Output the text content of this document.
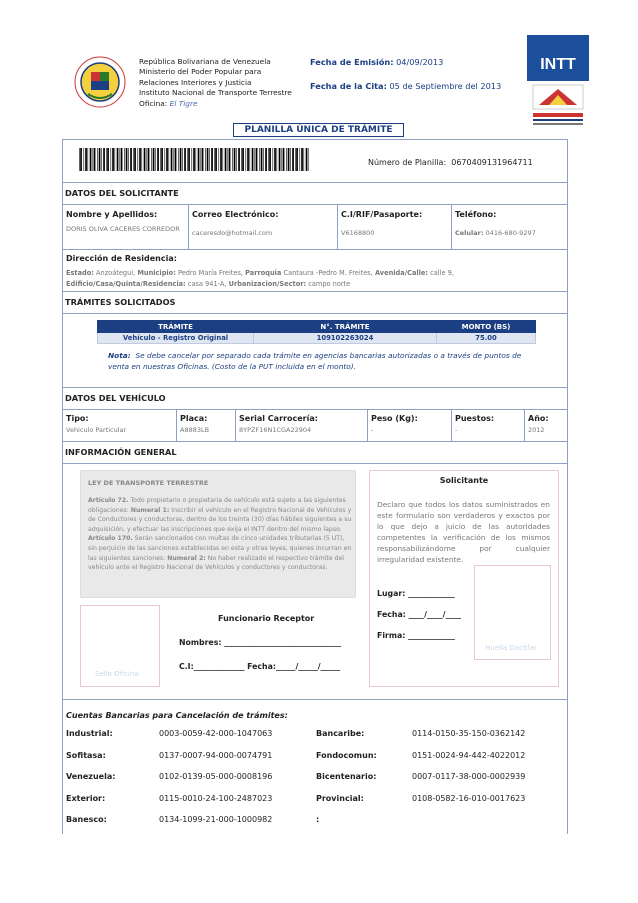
República Bolivariana de Venezuela
Ministerio del Poder Popular para
Relaciones Interiores y Justicia
Instituto Nacional de Transporte Terrestre
Oficina: El Tigre
Fecha de Emisión: 04/09/2013
Fecha de la Cita: 05 de Septiembre del 2013
INTT
PLANILLA ÚNICA DE TRÁMITE
Número de Planilla: 0670409131964711
DATOS DEL SOLICITANTE
Nombre y Apellidos:
DORIS OLIVA CACERES CORREDOR
Correo Electrónico:
caceresdo@hotmail.com
C.I/RIF/Pasaporte:
V6168800
Teléfono:
Celular: 0416-680-9297
Dirección de Residencia:
Estado: Anzoátegui, Municipio: Pedro María Freites, Parroquia Cantaura -Pedro M. Freites, Avenida/Calle: calle 9,
Edificio/Casa/Quinta/Residencia: casa 941-A, Urbanizacion/Sector: campo norte
TRÁMITES SOLICITADOS
TRÁMITE	N°. TRÁMITE	MONTO (BS)
Vehículo - Registro Original	109102263024	75.00
Nota: Se debe cancelar por separado cada trámite en agencias bancarias autorizadas o a través de puntos de venta en nuestras Oficinas. (Costo de la PUT incluida en el monto).
DATOS DEL VEHÍCULO
Tipo:
Vehiculo Particular
Placa:
A8883LB
Serial Carrocería:
8YPZF16N1CGA22904
Peso (Kg):
-
Puestos:
-
Año:
2012
INFORMACIÓN GENERAL
LEY DE TRANSPORTE TERRESTRE
Artículo 72. Todo propietario o propietaria de vehículo está sujeto a las siguientes obligaciones: Numeral 1: Inscribir el vehículo en el Registro Nacional de Vehículos y de Conductores y conductoras, dentro de los treinta (30) días hábiles siguientes a su adquisición, y efectuar las inscripciones que exija el INTT dentro del mismo lapso.
Artículo 170. Serán sancionados con multas de cinco unidades tributarias (5 UT), sin perjuicio de las sanciones establecidas en esta y otras leyes, quienes incurran en las siguientes sanciones: Numeral 2: No haber realizado el respectivo trámite del vehículo ante el Registro Nacional de Vehículos y conductores y conductoras.
Sello Oficina
Funcionario Receptor
Nombres: ______________________________
C.I:_____________ Fecha:_____/_____/_____
Solicitante
Declaro que todos los datos suministrados en este formulario son verdaderos y exactos por lo que dejo a juicio de las autoridades competentes la verificación de los mismos responsabilizándome por cualquier irregularidad existente.
Huella Dactilar
Lugar: ____________
Fecha: ____/____/____
Firma: ____________
Cuentas Bancarias para Cancelación de trámites:
Industrial:	0003-0059-42-000-1047063	Bancaribe:	0114-0150-35-150-0362142
Sofitasa:	0137-0007-94-000-0074791	Fondocomun:	0151-0024-94-442-4022012
Venezuela:	0102-0139-05-000-0008196	Bicentenario:	0007-0117-38-000-0002939
Exterior:	0115-0010-24-100-2487023	Provincial:	0108-0582-16-010-0017623
Banesco:	0134-1099-21-000-1000982	:
